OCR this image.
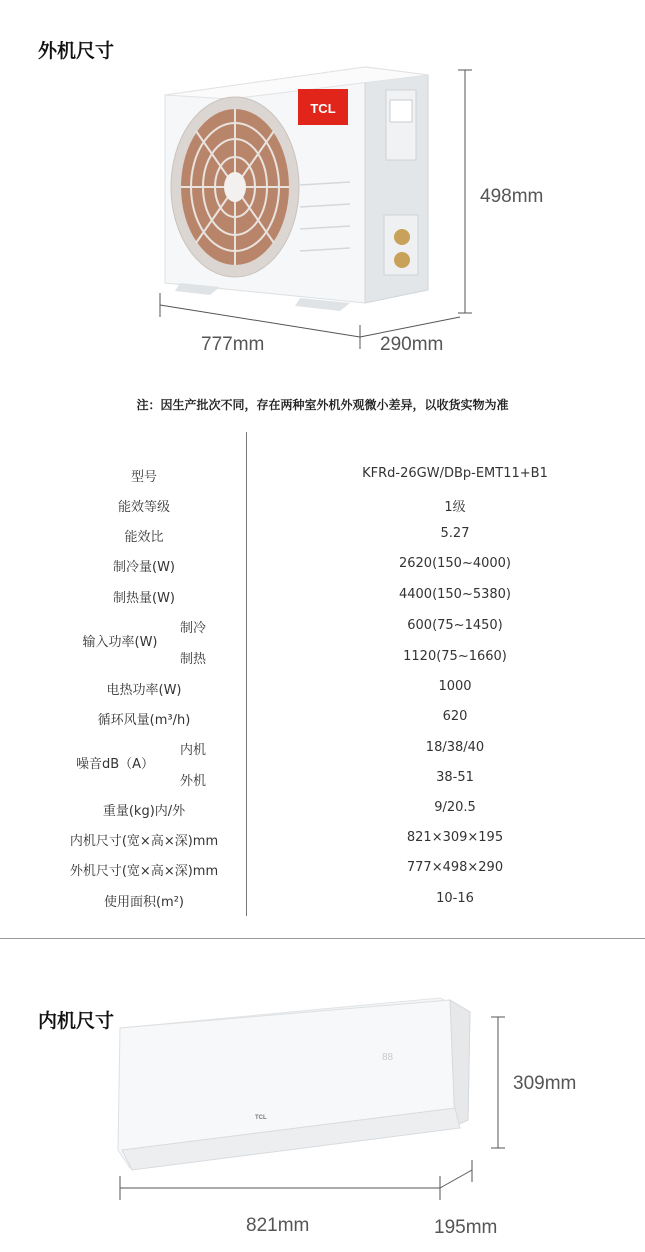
外机尺寸
TCL
498mm
777mm	290mm
注：因生产批次不同，存在两种室外机外观微小差异，以收货实物为准
型号	KFRd-26GW/DBp-EMT11+B1
能效等级	1级
能效比	5.27
制冷量(W)	2620(150~4000)
制热量(W)	4400(150~5380)
输入功率(W)
制冷	600(75~1450)
制热	1120(75~1660)
电热功率(W)	1000
循环风量(m³/h)	620
噪音dB（A）
内机	18/38/40
外机	38-51
重量(kg)内/外	9/20.5
内机尺寸(宽×高×深)mm	821×309×195
外机尺寸(宽×高×深)mm	777×498×290
使用面积(m²)	10-16
88
TCL
内机尺寸
309mm
821mm	195mm
